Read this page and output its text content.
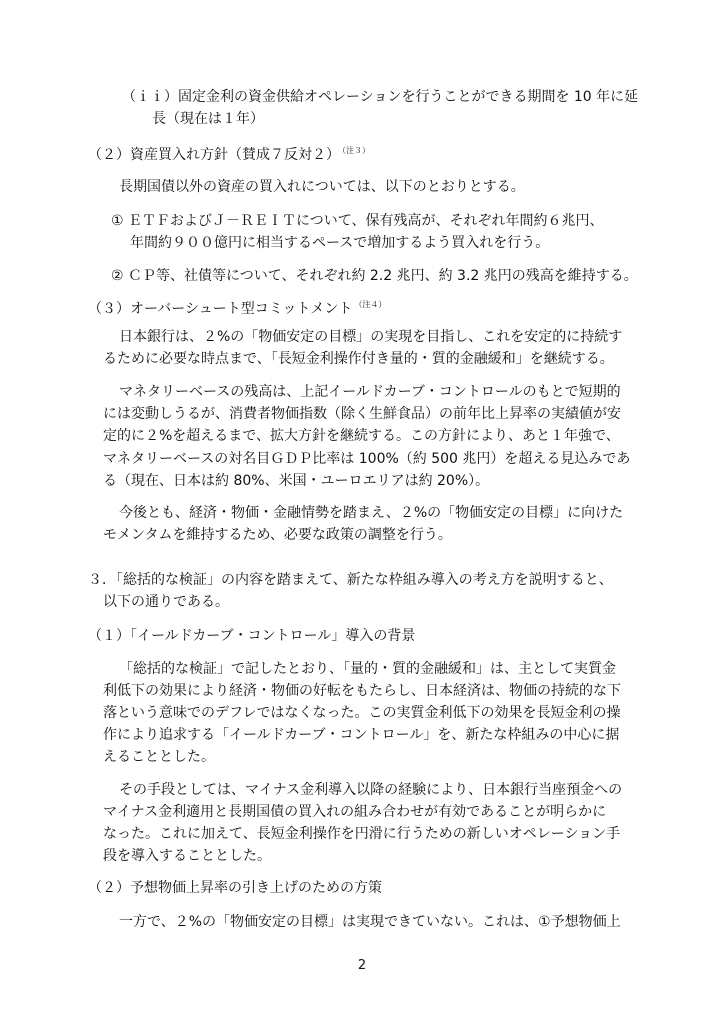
（ｉｉ）固定金利の資金供給オペレーションを行うことができる期間を 10 年に延
長（現在は１年）
（２）資産買入れ方針（賛成７反対２） $^{(注3)}$
長期国債以外の資産の買入れについては、以下のとおりとする。
① ＥＴＦおよびＪ－ＲＥＩＴについて、保有残高が、それぞれ年間約６兆円、
年間約９００億円に相当するペースで増加するよう買入れを行う。
② ＣＰ等、社債等について、それぞれ約 2.2 兆円、約 3.2 兆円の残高を維持する。
（３）オーバーシュート型コミットメント $^{(注4)}$
日本銀行は、２%の「物価安定の目標」の実現を目指し、これを安定的に持続す
るために必要な時点まで、「長短金利操作付き量的・質的金融緩和」を継続する。
マネタリーベースの残高は、上記イールドカーブ・コントロールのもとで短期的
には変動しうるが、消費者物価指数（除く生鮮食品）の前年比上昇率の実績値が安
定的に２%を超えるまで、拡大方針を継続する。この方針により、あと１年強で、
マネタリーベースの対名目ＧＤＰ比率は 100%（約 500 兆円）を超える見込みであ
る（現在、日本は約 80%、米国・ユーロエリアは約 20%）。
今後とも、経済・物価・金融情勢を踏まえ、２%の「物価安定の目標」に向けた
モメンタムを維持するため、必要な政策の調整を行う。
３．「総括的な検証」の内容を踏まえて、新たな枠組み導入の考え方を説明すると、
以下の通りである。
（１）「イールドカーブ・コントロール」導入の背景
「総括的な検証」で記したとおり、「量的・質的金融緩和」は、主として実質金
利低下の効果により経済・物価の好転をもたらし、日本経済は、物価の持続的な下
落という意味でのデフレではなくなった。この実質金利低下の効果を長短金利の操
作により追求する「イールドカーブ・コントロール」を、新たな枠組みの中心に据
えることとした。
その手段としては、マイナス金利導入以降の経験により、日本銀行当座預金への
マイナス金利適用と長期国債の買入れの組み合わせが有効であることが明らかに
なった。これに加えて、長短金利操作を円滑に行うための新しいオペレーション手
段を導入することとした。
（２）予想物価上昇率の引き上げのための方策
一方で、２%の「物価安定の目標」は実現できていない。これは、①予想物価上
2
